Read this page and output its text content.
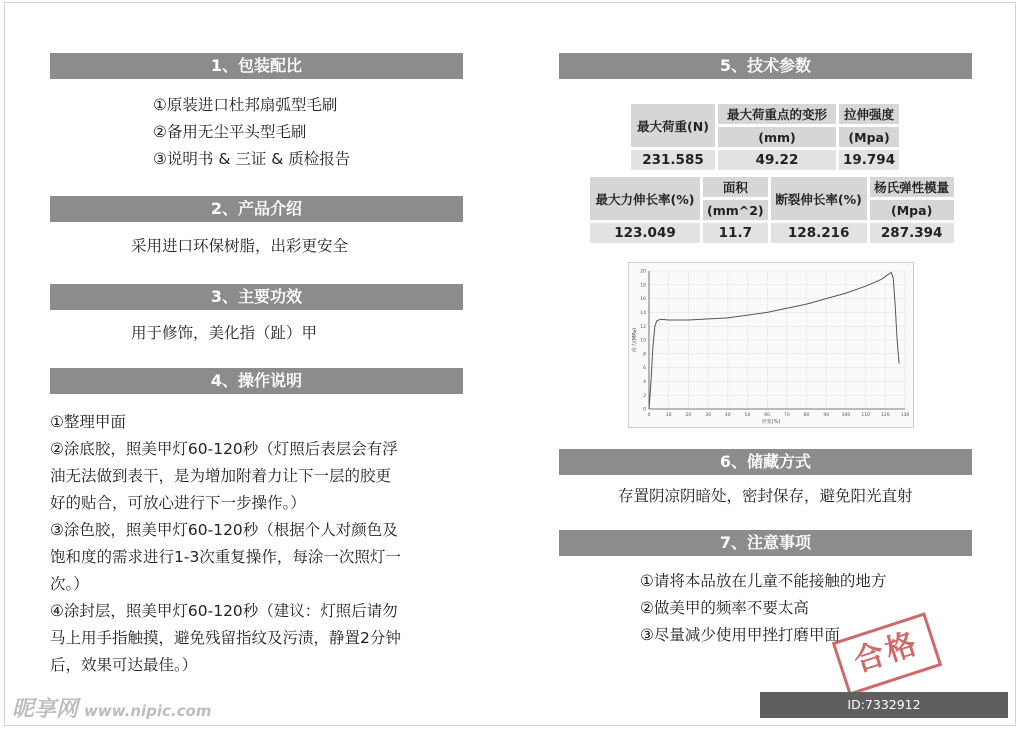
1、包装配比
①原装进口杜邦扇弧型毛刷
②备用无尘平头型毛刷
③说明书 & 三证 & 质检报告
2、产品介绍
采用进口环保树脂，出彩更安全
3、主要功效
用于修饰，美化指（趾）甲
4、操作说明
①整理甲面
②涂底胶，照美甲灯60-120秒（灯照后表层会有浮
油无法做到表干，是为增加附着力让下一层的胶更
好的贴合，可放心进行下一步操作。）
③涂色胶，照美甲灯60-120秒（根据个人对颜色及
饱和度的需求进行1-3次重复操作，每涂一次照灯一
次。）
④涂封层，照美甲灯60-120秒（建议：灯照后请勿
马上用手指触摸，避免残留指纹及污渍，静置2分钟
后，效果可达最佳。）
5、技术参数
最大荷重(N)	最大荷重点的变形	拉伸强度
	(mm)	(Mpa)
231.585	49.22	19.794
最大力伸长率(%)	面积	断裂伸长率(%)	杨氏弹性模量
	(mm^2)		(Mpa)
123.049	11.7	128.216	287.394
0	10	20	30	40	50	60	70	80	90	100 110 120 130
0
2
4
6
8
10
12
14
16
18
20
应变(%)
应力(MPa)
6、储藏方式
存置阴凉阴暗处，密封保存，避免阳光直射
7、注意事项
①请将本品放在儿童不能接触的地方
②做美甲的频率不要太高
③尽量减少使用甲挫打磨甲面 合格
昵享网 www.nipic.com	ID:7332912 NO:20251021113828557123
